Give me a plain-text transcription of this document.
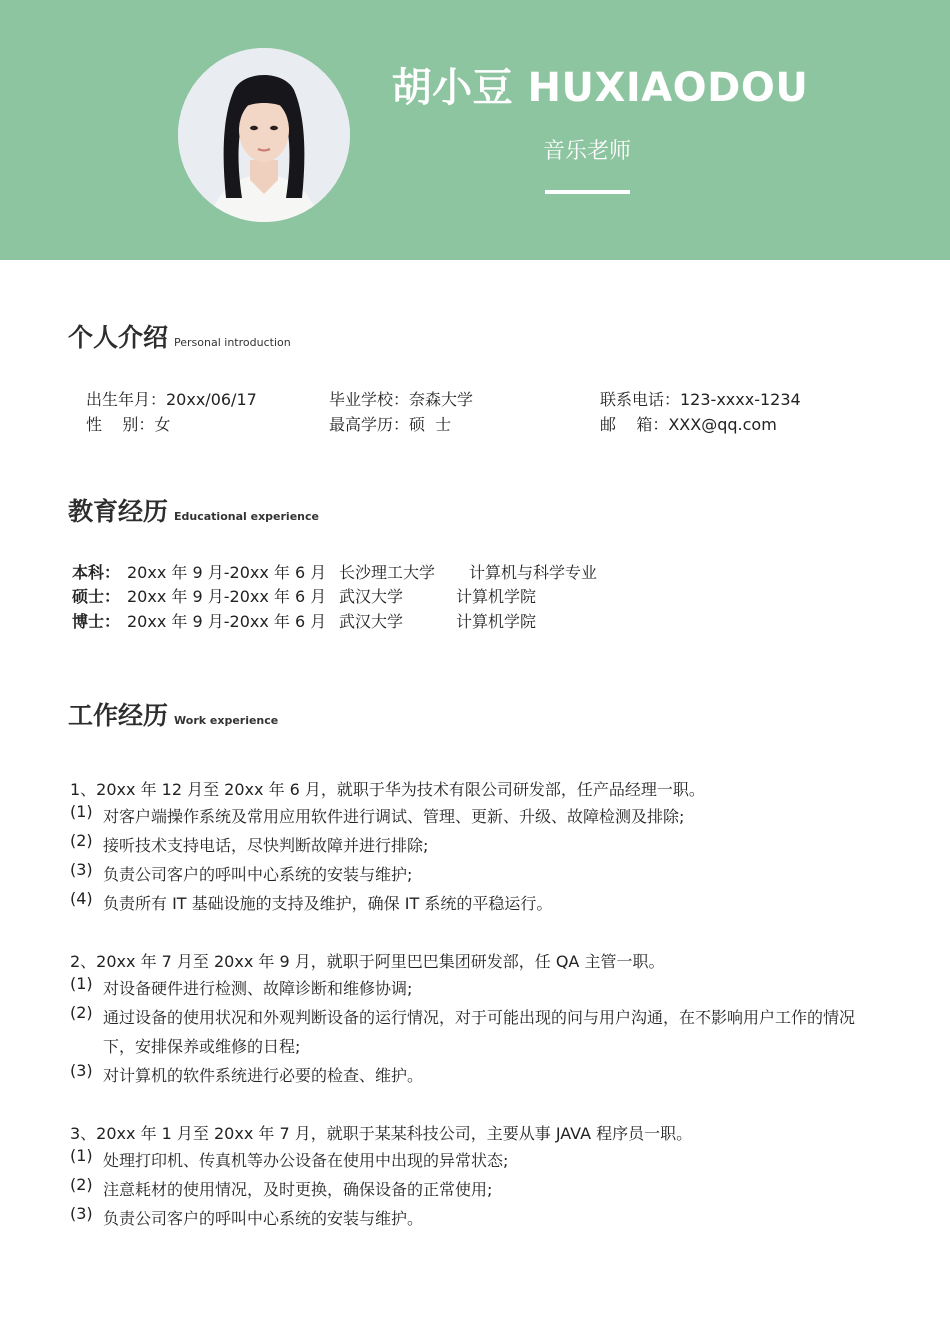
胡小豆 HUXIAODOU
音乐老师
个人介绍 Personal introduction
出生年月：20xx/06/17	毕业学校：奈森大学	联系电话：123-xxxx-1234
性    别：女	最高学历：硕  士	邮    箱：XXX@qq.com
教育经历 Educational experience
本科： 20xx 年 9 月-20xx 年 6 月 长沙理工大学 计算机与科学专业
硕士： 20xx 年 9 月-20xx 年 6 月 武汉大学	计算机学院
博士： 20xx 年 9 月-20xx 年 6 月 武汉大学	计算机学院
工作经历 Work experience
1、20xx 年 12 月至 20xx 年 6 月，就职于华为技术有限公司研发部，任产品经理一职。
(1) 对客户端操作系统及常用应用软件进行调试、管理、更新、升级、故障检测及排除;
(2) 接听技术支持电话，尽快判断故障并进行排除;
(3) 负责公司客户的呼叫中心系统的安装与维护;
(4) 负责所有 IT 基础设施的支持及维护，确保 IT 系统的平稳运行。
2、20xx 年 7 月至 20xx 年 9 月，就职于阿里巴巴集团研发部，任 QA 主管一职。
(1) 对设备硬件进行检测、故障诊断和维修协调;
(2) 通过设备的使用状况和外观判断设备的运行情况，对于可能出现的问与用户沟通，在不影响用户工作的情况下，安排保养或维修的日程;
(3) 对计算机的软件系统进行必要的检查、维护。
3、20xx 年 1 月至 20xx 年 7 月，就职于某某科技公司，主要从事 JAVA 程序员一职。
(1) 处理打印机、传真机等办公设备在使用中出现的异常状态;
(2) 注意耗材的使用情况，及时更换，确保设备的正常使用;
(3) 负责公司客户的呼叫中心系统的安装与维护。
